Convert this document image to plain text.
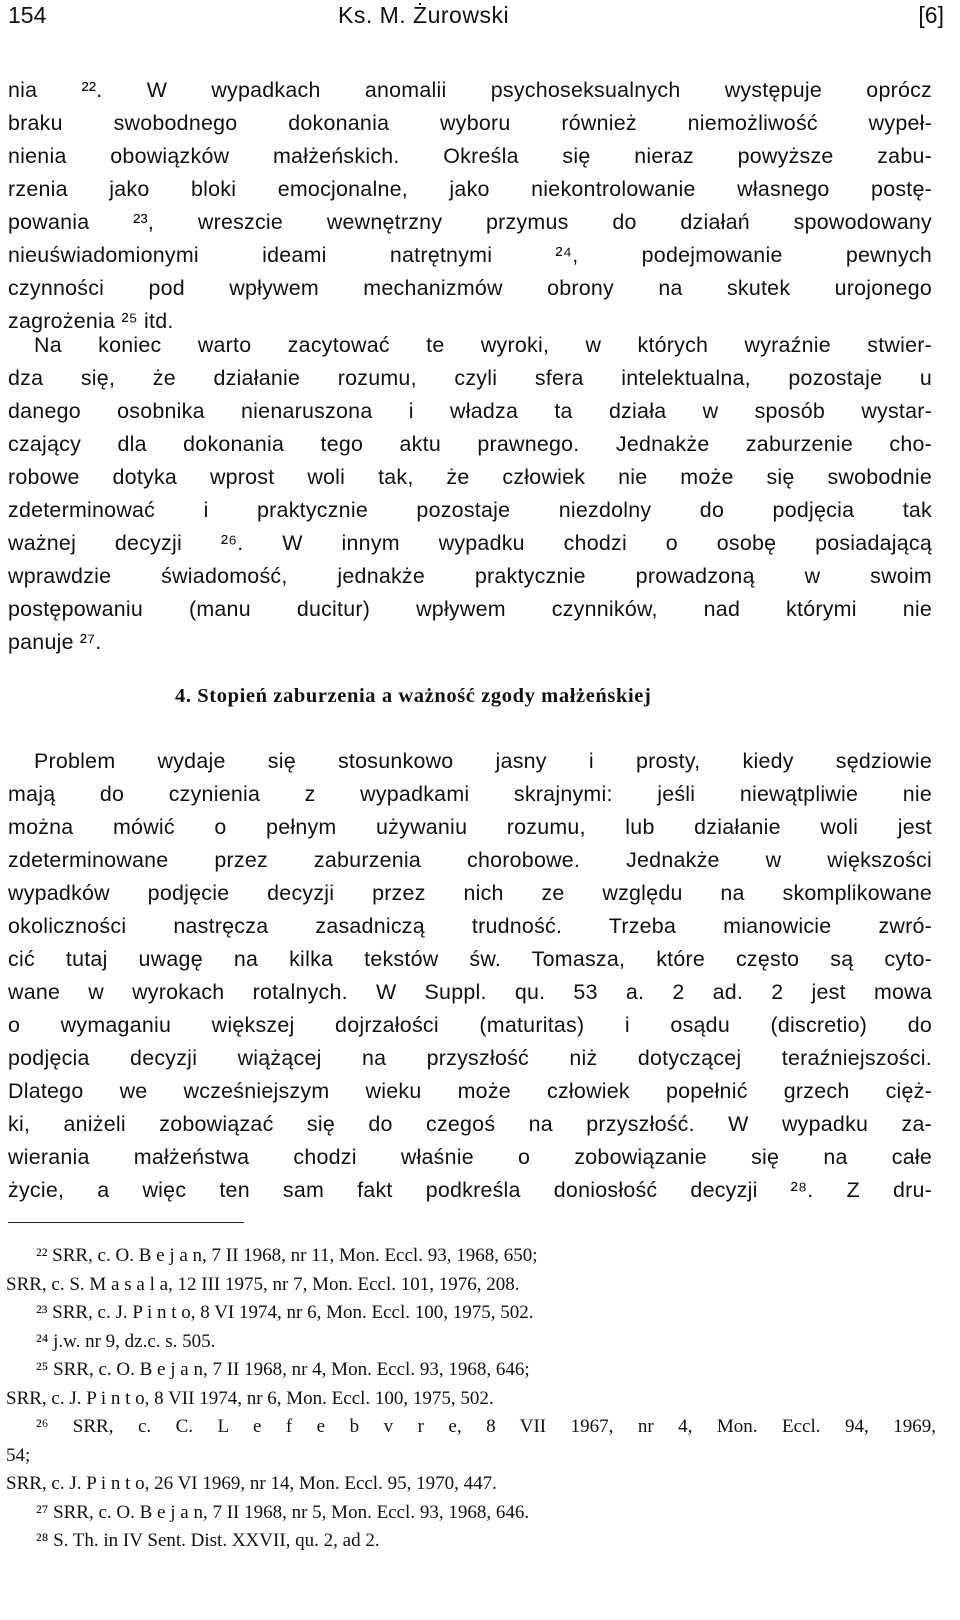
154	Ks. M. Żurowski	[6]
nia ²². W wypadkach anomalii psychoseksualnych występuje oprócz
braku swobodnego dokonania wyboru również niemożliwość wypeł-
nienia obowiązków małżeńskich. Określa się nieraz powyższe zabu-
rzenia jako bloki emocjonalne, jako niekontrolowanie własnego postę-
powania ²³, wreszcie wewnętrzny przymus do działań spowodowany
nieuświadomionymi ideami natrętnymi ²⁴, podejmowanie pewnych
czynności pod wpływem mechanizmów obrony na skutek urojonego
zagrożenia ²⁵ itd.
Na koniec warto zacytować te wyroki, w których wyraźnie stwier-
dza się, że działanie rozumu, czyli sfera intelektualna, pozostaje u
danego osobnika nienaruszona i władza ta działa w sposób wystar-
czający dla dokonania tego aktu prawnego. Jednakże zaburzenie cho-
robowe dotyka wprost woli tak, że człowiek nie może się swobodnie
zdeterminować i praktycznie pozostaje niezdolny do podjęcia tak
ważnej decyzji ²⁶. W innym wypadku chodzi o osobę posiadającą
wprawdzie świadomość, jednakże praktycznie prowadzoną w swoim
postępowaniu (manu ducitur) wpływem czynników, nad którymi nie
panuje ²⁷.
4. Stopień zaburzenia a ważność zgody małżeńskiej
Problem wydaje się stosunkowo jasny i prosty, kiedy sędziowie
mają do czynienia z wypadkami skrajnymi: jeśli niewątpliwie nie
można mówić o pełnym używaniu rozumu, lub działanie woli jest
zdeterminowane przez zaburzenia chorobowe. Jednakże w większości
wypadków podjęcie decyzji przez nich ze względu na skomplikowane
okoliczności nastręcza zasadniczą trudność. Trzeba mianowicie zwró-
cić tutaj uwagę na kilka tekstów św. Tomasza, które często są cyto-
wane w wyrokach rotalnych. W Suppl. qu. 53 a. 2 ad. 2 jest mowa
o wymaganiu większej dojrzałości (maturitas) i osądu (discretio) do
podjęcia decyzji wiążącej na przyszłość niż dotyczącej teraźniejszości.
Dlatego we wcześniejszym wieku może człowiek popełnić grzech cięż-
ki, aniżeli zobowiązać się do czegoś na przyszłość. W wypadku za-
wierania małżeństwa chodzi właśnie o zobowiązanie się na całe
życie, a więc ten sam fakt podkreśla doniosłość decyzji ²⁸. Z dru-
²² SRR, c. O. B e j a n, 7 II 1968, nr 11, Mon. Eccl. 93, 1968, 650;
SRR, c. S. M a s a l a, 12 III 1975, nr 7, Mon. Eccl. 101, 1976, 208.
²³ SRR, c. J. P i n t o, 8 VI 1974, nr 6, Mon. Eccl. 100, 1975, 502.
²⁴ j.w. nr 9, dz.c. s. 505.
²⁵ SRR, c. O. B e j a n, 7 II 1968, nr 4, Mon. Eccl. 93, 1968, 646;
SRR, c. J. P i n t o, 8 VII 1974, nr 6, Mon. Eccl. 100, 1975, 502.
²⁶ SRR, c. C. L e f e b v r e, 8 VII 1967, nr 4, Mon. Eccl. 94, 1969,
54;
SRR, c. J. P i n t o, 26 VI 1969, nr 14, Mon. Eccl. 95, 1970, 447.
²⁷ SRR, c. O. B e j a n, 7 II 1968, nr 5, Mon. Eccl. 93, 1968, 646.
²⁸ S. Th. in IV Sent. Dist. XXVII, qu. 2, ad 2.
